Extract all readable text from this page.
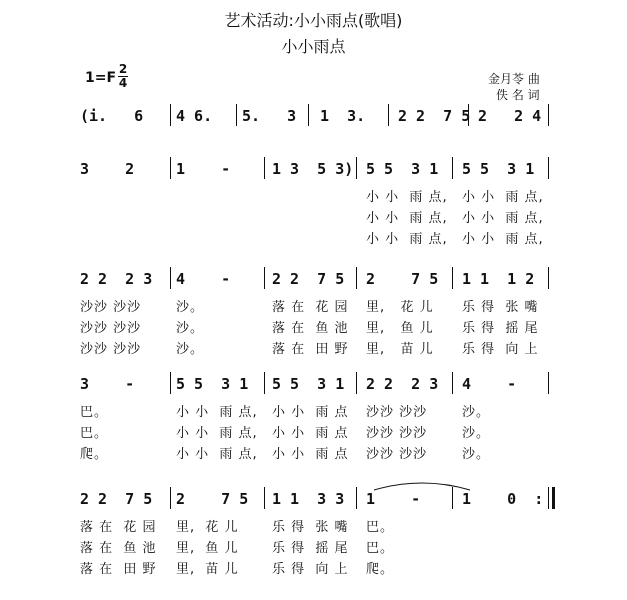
艺术活动:小小雨点(歌唱)
小小雨点
$1=F \frac{2}{4}$	金月苓 曲
佚 名 词
(i.   6 4 6. 5.   3 1  3. 2 2  7 5 2   2 4
3    2	1    -	1 3  5 3) 5 5  3 1 5 5  3 1
小 小  雨 点, 小 小  雨 点,
小 小  雨 点, 小 小  雨 点,
小 小  雨 点, 小 小  雨 点,
2 2  2 3 4    -	2 2  7 5 2    7 5 1 1  1 2
沙沙 沙沙	沙。	落 在  花 园 里,   花 儿 乐 得  张 嘴
沙沙 沙沙	沙。	落 在  鱼 池 里,   鱼 儿 乐 得  摇 尾
沙沙 沙沙	沙。	落 在  田 野 里,   苗 儿 乐 得  向 上
3    -	5 5  3 1 5 5  3 1 2 2  2 3 4    -
巴。	小 小  雨 点, 小 小  雨 点 沙沙 沙沙	沙。
巴。	小 小  雨 点, 小 小  雨 点 沙沙 沙沙	沙。
爬。	小 小  雨 点, 小 小  雨 点 沙沙 沙沙	沙。
2 2  7 5 2    7 5 1 1  3 3 1    -	1    0  :
落 在  花 园 里,  花 儿	乐 得  张 嘴 巴。
落 在  鱼 池 里,  鱼 儿	乐 得  摇 尾 巴。
落 在  田 野 里,  苗 儿	乐 得  向 上 爬。
